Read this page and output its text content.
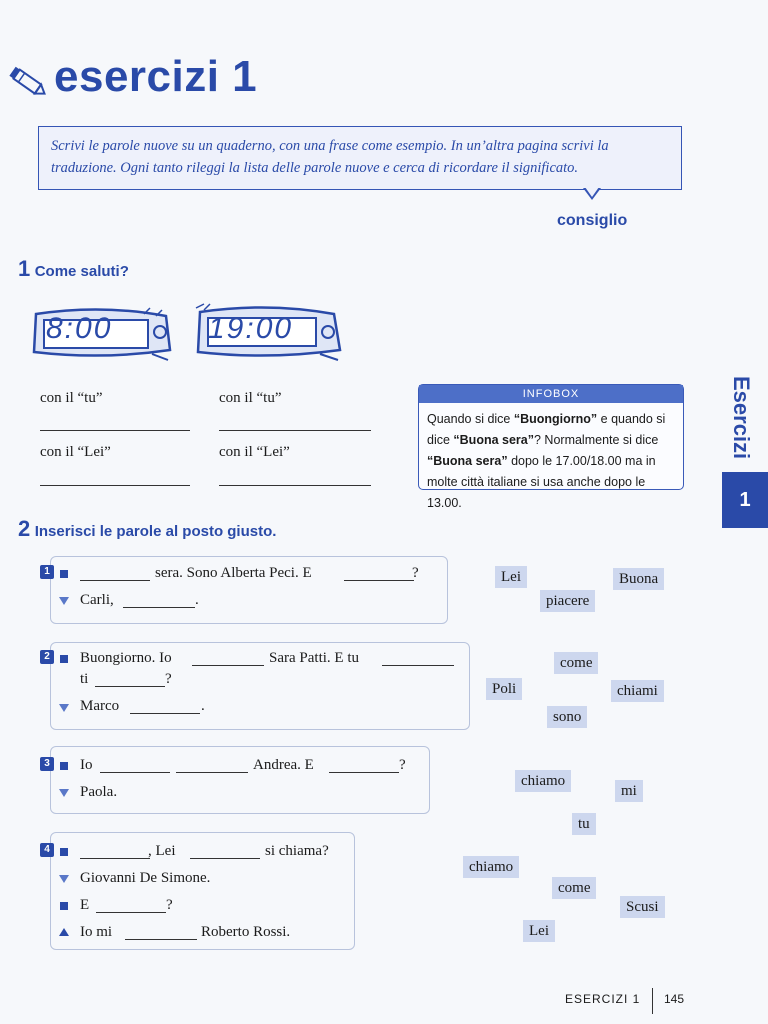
esercizi 1
Scrivi le parole nuove su un quaderno, con una frase come esempio. In un’altra pagina scrivi la traduzione. Ogni tanto rileggi la lista delle parole nuove e cerca di ricordare il significato.
consiglio
1 Come saluti?
8:00	19:00
con il “tu”	con il “tu”
con il “Lei”	con il “Lei”
INFOBOX
Quando si dice “Buongiorno” e quando si dice “Buona sera”? Normalmente si dice “Buona sera” dopo le 17.00/18.00 ma in molte città italiane si usa anche dopo le 13.00.
Esercizi
1
2 Inserisci le parole al posto giusto.
1	sera. Sono Alberta Peci. E	?
Carli,	.
2 Buongiorno. Io	Sara Patti. E tu
ti	?
Marco	.
3 Io	Andrea. E	?
Paola.
4	, Lei	si chiama?
Giovanni De Simone.
E	?
Io mi	Roberto Rossi.
Lei	Buona
piacere
come
Poli	chiami
sono
chiamo
mi
tu
chiamo
come
Scusi
Lei
ESERCIZI 1 145
